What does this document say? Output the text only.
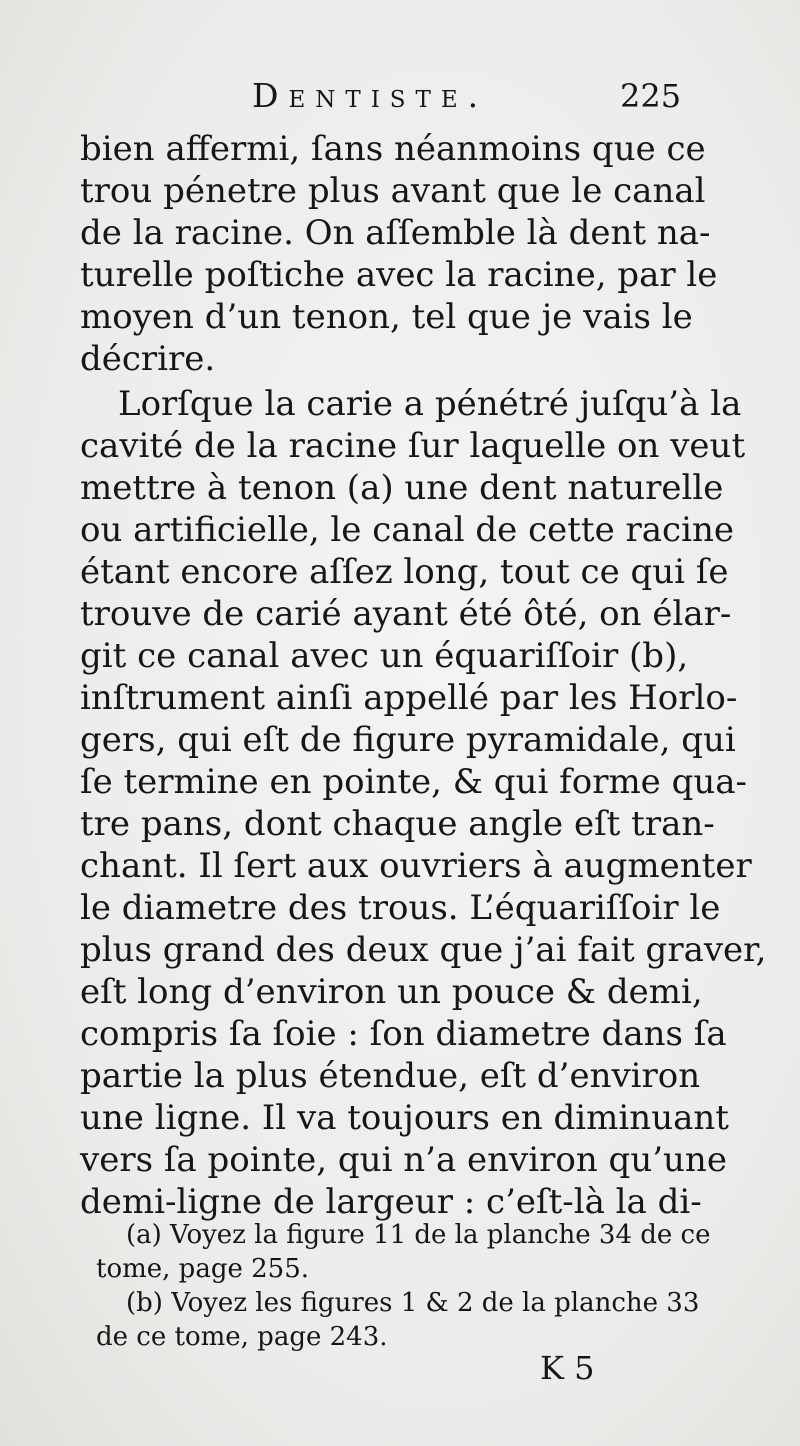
Dentiste.	225
bien affermi, ſans néanmoins que ce
trou pénetre plus avant que le canal
de la racine. On aſſemble là dent na-
turelle poſtiche avec la racine, par le
moyen d’un tenon, tel que je vais le
décrire.
Lorſque la carie a pénétré juſqu’à la
cavité de la racine ſur laquelle on veut
mettre à tenon (a) une dent naturelle
ou artificielle, le canal de cette racine
étant encore aſſez long, tout ce qui ſe
trouve de carié ayant été ôté, on élar-
git ce canal avec un équariſſoir (b),
inſtrument ainſi appellé par les Horlo-
gers, qui eſt de figure pyramidale, qui
ſe termine en pointe, & qui forme qua-
tre pans, dont chaque angle eſt tran-
chant. Il ſert aux ouvriers à augmenter
le diametre des trous. L’équariſſoir le
plus grand des deux que j’ai fait graver,
eſt long d’environ un pouce & demi,
compris ſa ſoie : ſon diametre dans ſa
partie la plus étendue, eſt d’environ
une ligne. Il va toujours en diminuant
vers ſa pointe, qui n’a environ qu’une
demi-ligne de largeur : c’eſt-là la di-
(a) Voyez la figure 11 de la planche 34 de ce
tome, page 255.
(b) Voyez les figures 1 & 2 de la planche 33
de ce tome, page 243.
K 5
